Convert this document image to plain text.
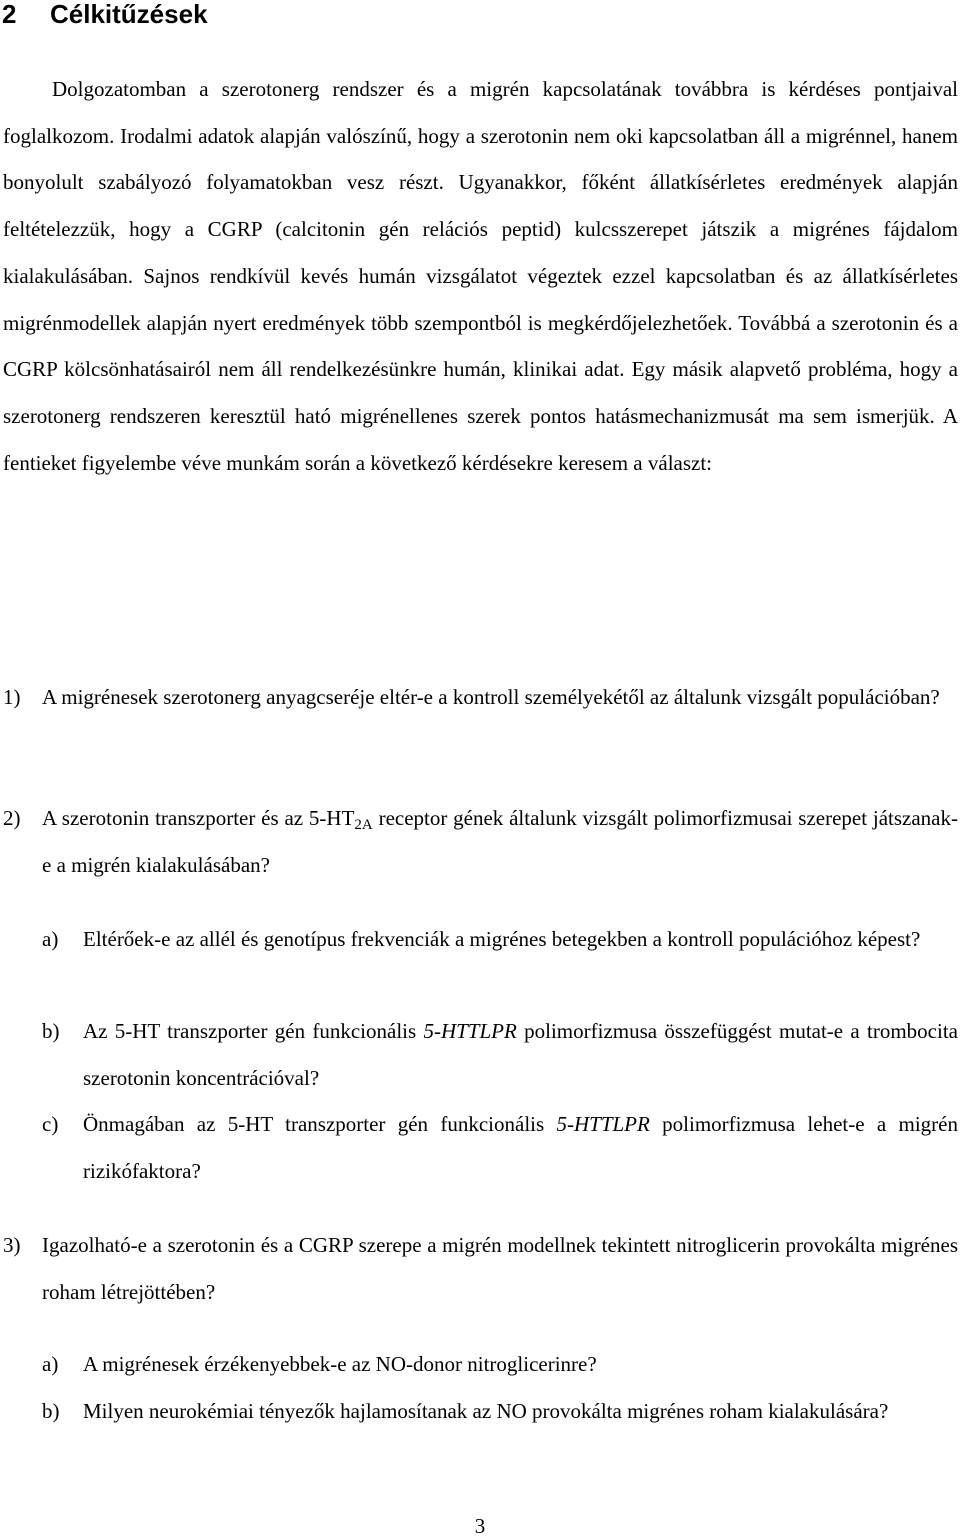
2 Célkitűzések

Dolgozatomban a szerotonerg rendszer és a migrén kapcsolatának továbbra is kérdéses pontjaival foglalkozom. Irodalmi adatok alapján valószínű, hogy a szerotonin nem oki kapcsolatban áll a migrénnel, hanem bonyolult szabályozó folyamatokban vesz részt. Ugyanakkor, főként állatkísérletes eredmények alapján feltételezzük, hogy a CGRP (calcitonin gén relációs peptid) kulcsszerepet játszik a migrénes fájdalom kialakulásában. Sajnos rendkívül kevés humán vizsgálatot végeztek ezzel kapcsolatban és az állatkísérletes migrénmodellek alapján nyert eredmények több szempontból is megkérdőjelezhetőek. Továbbá a szerotonin és a CGRP kölcsönhatásairól nem áll rendelkezésünkre humán, klinikai adat. Egy másik alapvető probléma, hogy a szerotonerg rendszeren keresztül ható migrénellenes szerek pontos hatásmechanizmusát ma sem ismerjük. A fentieket figyelembe véve munkám során a következő kérdésekre keresem a választ:

1) A migrénesek szerotonerg anyagcseréje eltér-e a kontroll személyekétől az általunk vizsgált populációban?

2) A szerotonin transzporter és az $5-HT_{2A}$ receptor gének általunk vizsgált polimorfizmusai szerepet játszanak-e a migrén kialakulásában?

a) Eltérőek-e az allél és genotípus frekvenciák a migrénes betegekben a kontroll populációhoz képest?

b) Az 5-HT transzporter gén funkcionális 5-HTTLPR polimorfizmusa összefüggést mutat-e a trombocita szerotonin koncentrációval?

c) Önmagában az 5-HT transzporter gén funkcionális 5-HTTLPR polimorfizmusa lehet-e a migrén rizikófaktora?

3) Igazolható-e a szerotonin és a CGRP szerepe a migrén modellnek tekintett nitroglicerin provokálta migrénes roham létrejöttében?

a) A migrénesek érzékenyebbek-e az NO-donor nitroglicerinre?

b) Milyen neurokémiai tényezők hajlamosítanak az NO provokálta migrénes roham kialakulására?

3
